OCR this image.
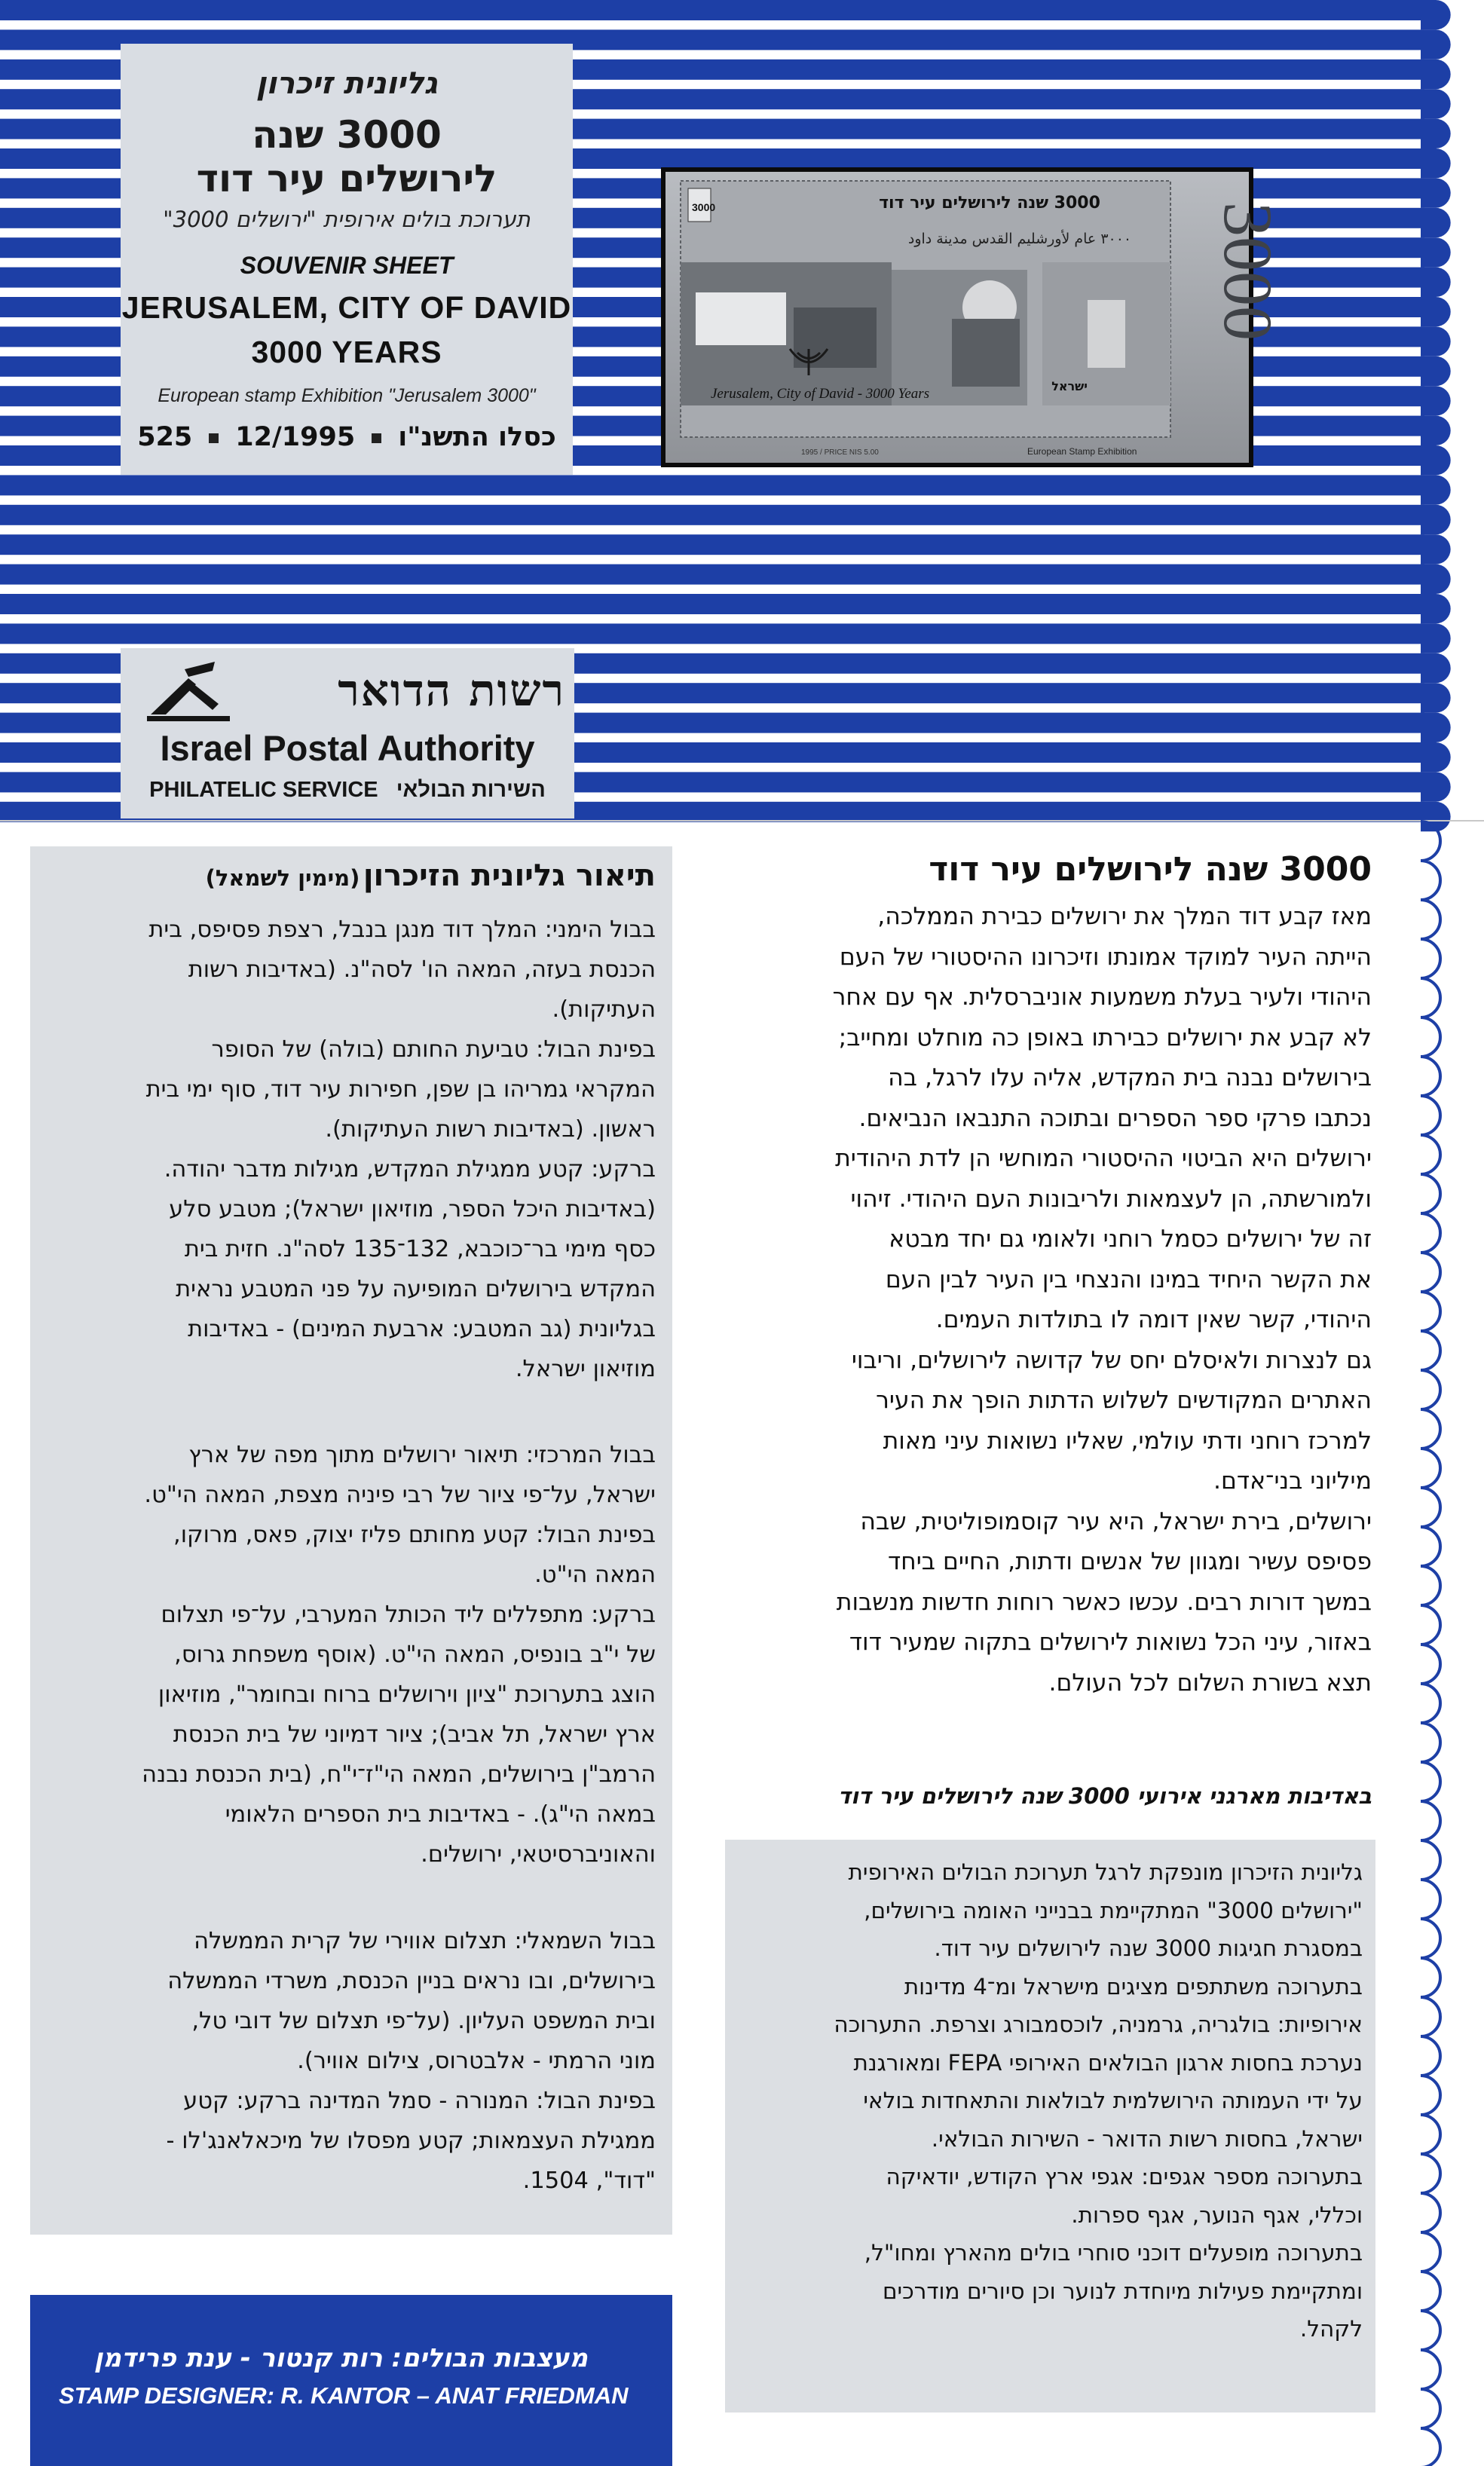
גליונית זיכרון
3000 שנה
לירושלים עיר דוד
תערוכת בולים אירופית "ירושלים 3000"
SOUVENIR SHEET
JERUSALEM, CITY OF DAVID
3000 YEARS
European stamp Exhibition "Jerusalem 3000"
כסלו התשנ"ו12/1995525
3000	3000 שנה לירושלים עיר דוד
٣٠٠٠ عام لأورشليم القدس مدينة داود
Jerusalem, City of David - 3000 Years	ישראל
European Stamp Exhibition
1995 / PRICE NIS 5.00
3000
רשות הדואר
Israel Postal Authority
PHILATELIC SERVICE השירות הבולאי
תיאור גליונית הזיכרון (מימין לשמאל)
בבול הימני: המלך דוד מנגן בנבל, רצפת פסיפס, בית
הכנסת בעזה, המאה הו' לסה"נ. (באדיבות רשות
העתיקות).
בפינת הבול: טביעת החותם (בולה) של הסופר
המקראי גמריהו בן שפן, חפירות עיר דוד, סוף ימי בית
ראשון. (באדיבות רשות העתיקות).
ברקע: קטע ממגילת המקדש, מגילות מדבר יהודה.
(באדיבות היכל הספר, מוזיאון ישראל); מטבע סלע
כסף מימי בר־כוכבא, 132־135 לסה"נ. חזית בית
המקדש בירושלים המופיעה על פני המטבע נראית
בגליונית (גב המטבע: ארבעת המינים) - באדיבות
מוזיאון ישראל.
בבול המרכזי: תיאור ירושלים מתוך מפה של ארץ
ישראל, על־פי ציור של רבי פיניה מצפת, המאה הי"ט.
בפינת הבול: קטע מחותם פליז יצוק, פאס, מרוקו,
המאה הי"ט.
ברקע: מתפללים ליד הכותל המערבי, על־פי תצלום
של י"ב בונפיס, המאה הי"ט. (אוסף משפחת גרוס,
הוצג בתערוכת "ציון וירושלים ברוח ובחומר", מוזיאון
ארץ ישראל, תל אביב); ציור דמיוני של בית הכנסת
הרמב"ן בירושלים, המאה הי"ז־י"ח, (בית הכנסת נבנה
במאה הי"ג). - באדיבות בית הספרים הלאומי
והאוניברסיטאי, ירושלים.
בבול השמאלי: תצלום אווירי של קרית הממשלה
בירושלים, ובו נראים בניין הכנסת, משרדי הממשלה
ובית המשפט העליון. (על־פי תצלום של דובי טל,
מוני הרמתי - אלבטרוס, צילום אוויר).
בפינת הבול: המנורה - סמל המדינה ברקע: קטע
ממגילת העצמאות; קטע מפסלו של מיכאלאנג'לו -
"דוד", 1504.
3000 שנה לירושלים עיר דוד
מאז קבע דוד המלך את ירושלים כבירת הממלכה,
הייתה העיר למוקד אמונתו וזיכרונו ההיסטורי של העם
היהודי ולעיר בעלת משמעות אוניברסלית. אף עם אחר
לא קבע את ירושלים כבירתו באופן כה מוחלט ומחייב;
בירושלים נבנה בית המקדש, אליה עלו לרגל, בה
נכתבו פרקי ספר הספרים ובתוכה התנבאו הנביאים.
ירושלים היא הביטוי ההיסטורי המוחשי הן לדת היהודית
ולמורשתה, הן לעצמאות ולריבונות העם היהודי. זיהוי
זה של ירושלים כסמל רוחני ולאומי גם יחד מבטא
את הקשר היחיד במינו והנצחי בין העיר לבין העם
היהודי, קשר שאין דומה לו בתולדות העמים.
גם לנצרות ולאיסלם יחס של קדושה לירושלים, וריבוי
האתרים המקודשים לשלוש הדתות הופך את העיר
למרכז רוחני ודתי עולמי, שאליו נשואות עיני מאות
מיליוני בני־אדם.
ירושלים, בירת ישראל, היא עיר קוסמופוליטית, שבה
פסיפס עשיר ומגוון של אנשים ודתות, החיים ביחד
במשך דורות רבים. עכשו כאשר רוחות חדשות מנשבות
באזור, עיני הכל נשואות לירושלים בתקוה שמעיר דוד
תצא בשורת השלום לכל העולם.
באדיבות מארגני אירועי 3000 שנה לירושלים עיר דוד
גליונית הזיכרון מונפקת לרגל תערוכת הבולים האירופית
"ירושלים 3000" המתקיימת בבנייני האומה בירושלים,
במסגרת חגיגות 3000 שנה לירושלים עיר דוד.
בתערוכה משתתפים מציגים מישראל ומ־4 מדינות
אירופיות: בולגריה, גרמניה, לוכסמבורג וצרפת. התערוכה
נערכת בחסות ארגון הבולאים האירופי FEPA ומאורגנת
על ידי העמותה הירושלמית לבולאות והתאחדות בולאי
ישראל, בחסות רשות הדואר - השירות הבולאי.
בתערוכה מספר אגפים: אגפי ארץ הקודש, יודאיקה
וכללי, אגף הנוער, אגף ספרות.
בתערוכה מופעלים דוכני סוחרי בולים מהארץ ומחו"ל,
ומתקיימת פעילות מיוחדת לנוער וכן סיורים מודרכים
לקהל.
מעצבות הבולים: רות קנטור - ענת פרידמן
STAMP DESIGNER: R. KANTOR – ANAT FRIEDMAN
